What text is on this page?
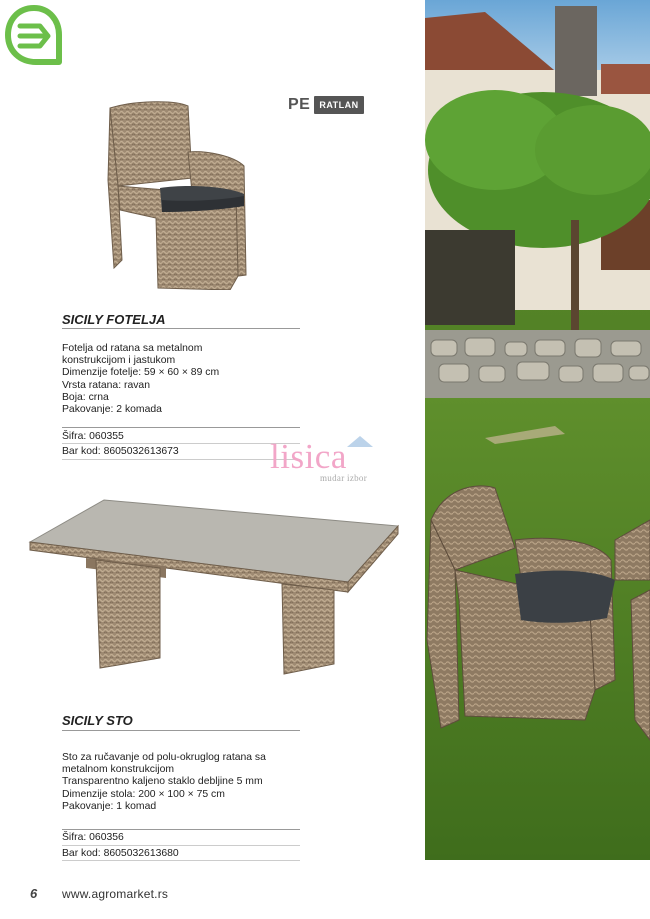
PE	RATLAN
SICILY FOTELJA
Fotelja od ratana sa metalnom
konstrukcijom i jastukom
Dimenzije fotelje: 59 × 60 × 89 cm
Vrsta ratana: ravan
Boja: crna
Pakovanje: 2 komada
Šifra: 060355
Bar kod: 8605032613673	lisica
mudar izbor
SICILY STO
Sto za ručavanje od polu-okruglog ratana sa
metalnom konstrukcijom
Transparentno kaljeno staklo debljine 5 mm
Dimenzije stola: 200 × 100 × 75 cm
Pakovanje: 1 komad
Šifra: 060356
Bar kod: 8605032613680
6 www.agromarket.rs
